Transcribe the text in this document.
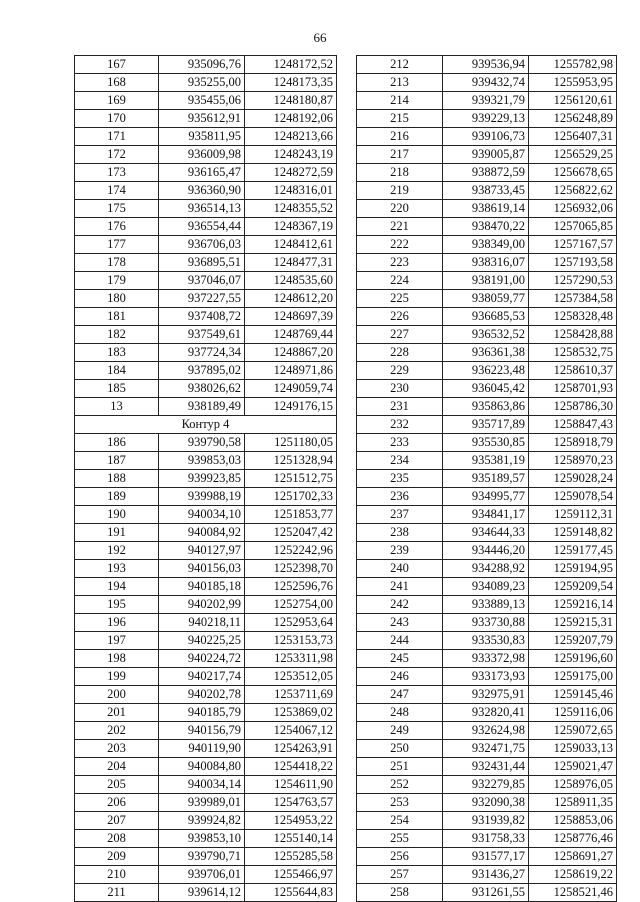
66
167	935096,76	1248172,52
168	935255,00	1248173,35
169	935455,06	1248180,87
170	935612,91	1248192,06
171	935811,95	1248213,66
172	936009,98	1248243,19
173	936165,47	1248272,59
174	936360,90	1248316,01
175	936514,13	1248355,52
176	936554,44	1248367,19
177	936706,03	1248412,61
178	936895,51	1248477,31
179	937046,07	1248535,60
180	937227,55	1248612,20
181	937408,72	1248697,39
182	937549,61	1248769,44
183	937724,34	1248867,20
184	937895,02	1248971,86
185	938026,62	1249059,74
13	938189,49	1249176,15
Контур 4		
186	939790,58	1251180,05
187	939853,03	1251328,94
188	939923,85	1251512,75
189	939988,19	1251702,33
190	940034,10	1251853,77
191	940084,92	1252047,42
192	940127,97	1252242,96
193	940156,03	1252398,70
194	940185,18	1252596,76
195	940202,99	1252754,00
196	940218,11	1252953,64
197	940225,25	1253153,73
198	940224,72	1253311,98
199	940217,74	1253512,05
200	940202,78	1253711,69
201	940185,79	1253869,02
202	940156,79	1254067,12
203	940119,90	1254263,91
204	940084,80	1254418,22
205	940034,14	1254611,90
206	939989,01	1254763,57
207	939924,82	1254953,22
208	939853,10	1255140,14
209	939790,71	1255285,58
210	939706,01	1255466,97
211	939614,12	1255644,83
212	939536,94	1255782,98
213	939432,74	1255953,95
214	939321,79	1256120,61
215	939229,13	1256248,89
216	939106,73	1256407,31
217	939005,87	1256529,25
218	938872,59	1256678,65
219	938733,45	1256822,62
220	938619,14	1256932,06
221	938470,22	1257065,85
222	938349,00	1257167,57
223	938316,07	1257193,58
224	938191,00	1257290,53
225	938059,77	1257384,58
226	936685,53	1258328,48
227	936532,52	1258428,88
228	936361,38	1258532,75
229	936223,48	1258610,37
230	936045,42	1258701,93
231	935863,86	1258786,30
232	935717,89	1258847,43
233	935530,85	1258918,79
234	935381,19	1258970,23
235	935189,57	1259028,24
236	934995,77	1259078,54
237	934841,17	1259112,31
238	934644,33	1259148,82
239	934446,20	1259177,45
240	934288,92	1259194,95
241	934089,23	1259209,54
242	933889,13	1259216,14
243	933730,88	1259215,31
244	933530,83	1259207,79
245	933372,98	1259196,60
246	933173,93	1259175,00
247	932975,91	1259145,46
248	932820,41	1259116,06
249	932624,98	1259072,65
250	932471,75	1259033,13
251	932431,44	1259021,47
252	932279,85	1258976,05
253	932090,38	1258911,35
254	931939,82	1258853,06
255	931758,33	1258776,46
256	931577,17	1258691,27
257	931436,27	1258619,22
258	931261,55	1258521,46
